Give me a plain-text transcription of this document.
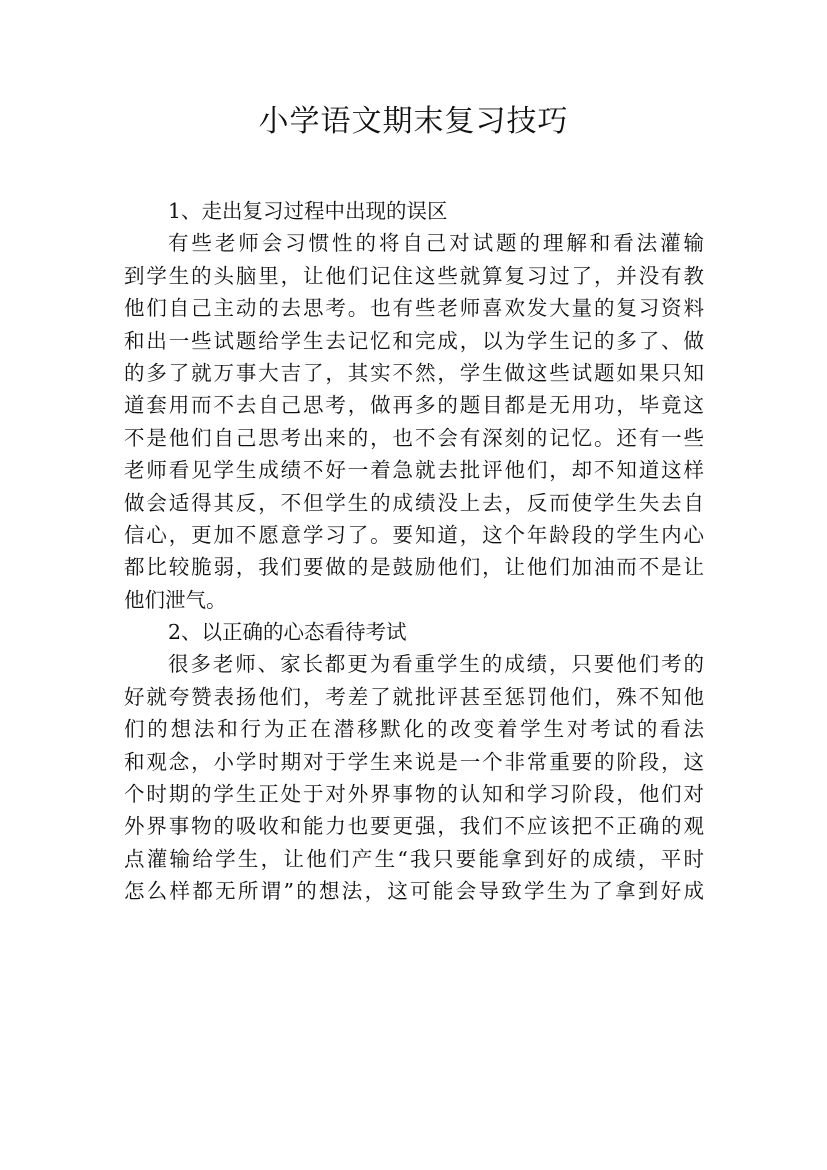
小学语文期末复习技巧
1、走出复习过程中出现的误区
有些老师会习惯性的将自己对试题的理解和看法灌输
到学生的头脑里，让他们记住这些就算复习过了，并没有教
他们自己主动的去思考。也有些老师喜欢发大量的复习资料
和出一些试题给学生去记忆和完成，以为学生记的多了、做
的多了就万事大吉了，其实不然，学生做这些试题如果只知
道套用而不去自己思考，做再多的题目都是无用功，毕竟这
不是他们自己思考出来的，也不会有深刻的记忆。还有一些
老师看见学生成绩不好一着急就去批评他们，却不知道这样
做会适得其反，不但学生的成绩没上去，反而使学生失去自
信心，更加不愿意学习了。要知道，这个年龄段的学生内心
都比较脆弱，我们要做的是鼓励他们，让他们加油而不是让
他们泄气。
2、以正确的心态看待考试
很多老师、家长都更为看重学生的成绩，只要他们考的
好就夸赞表扬他们，考差了就批评甚至惩罚他们，殊不知他
们的想法和行为正在潜移默化的改变着学生对考试的看法
和观念，小学时期对于学生来说是一个非常重要的阶段，这
个时期的学生正处于对外界事物的认知和学习阶段，他们对
外界事物的吸收和能力也要更强，我们不应该把不正确的观
点灌输给学生，让他们产生“我只要能拿到好的成绩，平时
怎么样都无所谓”的想法，这可能会导致学生为了拿到好成
